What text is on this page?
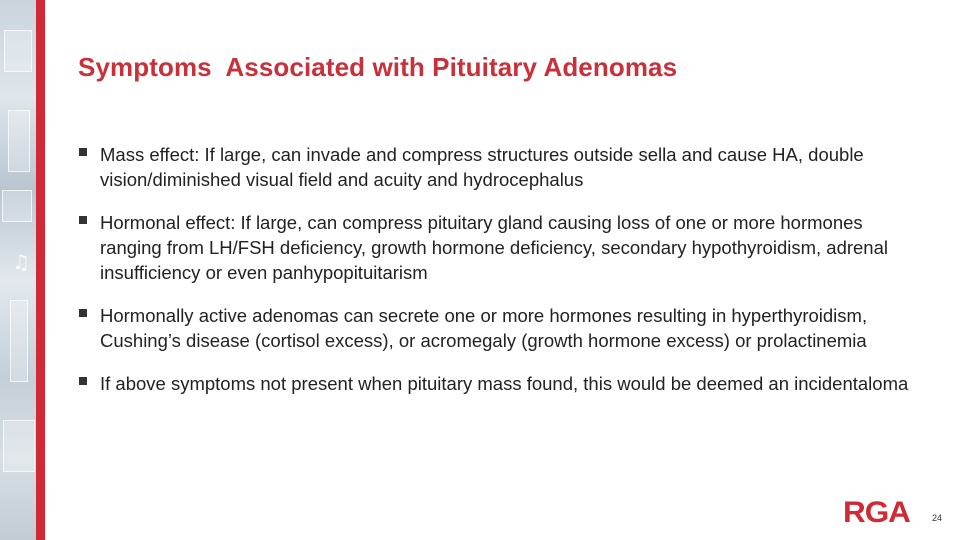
♫
Symptoms  Associated with Pituitary Adenomas
Mass effect: If large, can invade and compress structures outside sella and cause HA, double vision/diminished visual field and acuity and hydrocephalus
Hormonal effect: If large, can compress pituitary gland causing loss of one or more hormones ranging from LH/FSH deficiency, growth hormone deficiency, secondary hypothyroidism, adrenal insufficiency or even panhypopituitarism
Hormonally active adenomas can secrete one or more hormones resulting in hyperthyroidism, Cushing’s disease (cortisol excess), or acromegaly (growth hormone excess) or prolactinemia
If above symptoms not present when pituitary mass found, this would be deemed an incidentaloma
RGA 24
